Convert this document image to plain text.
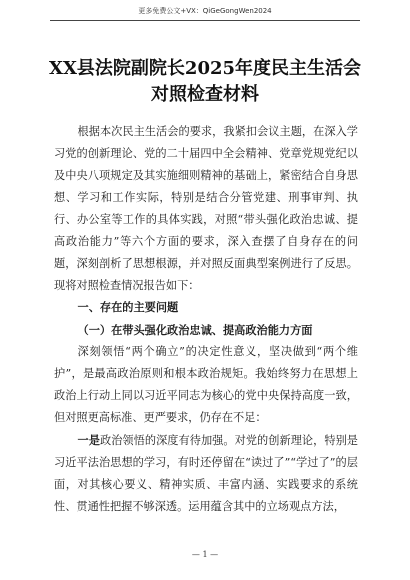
更多免费公文+VX：QiGeGongWen2024
XX县法院副院长2025年度民主生活会对照检查材料

根据本次民主生活会的要求，我紧扣会议主题，在深入学习党的创新理论、党的二十届四中全会精神、党章党规党纪以及中央八项规定及其实施细则精神的基础上，紧密结合自身思想、学习和工作实际，特别是结合分管党建、刑事审判、执行、办公室等工作的具体实践，对照“带头强化政治忠诚、提高政治能力”等六个方面的要求，深入查摆了自身存在的问题，深刻剖析了思想根源，并对照反面典型案例进行了反思。现将对照检查情况报告如下：

一、存在的主要问题
（一）在带头强化政治忠诚、提高政治能力方面

深刻领悟“两个确立”的决定性意义，坚决做到“两个维护”，是最高政治原则和根本政治规矩。我始终努力在思想上政治上行动上同以习近平同志为核心的党中央保持高度一致，但对照更高标准、更严要求，仍存在不足：

一是政治领悟的深度有待加强。对党的创新理论，特别是习近平法治思想的学习，有时还停留在“读过了”“学过了”的层面，对其核心要义、精神实质、丰富内涵、实践要求的系统性、贯通性把握不够深透。运用蕴含其中的立场观点方法，

— 1 —
